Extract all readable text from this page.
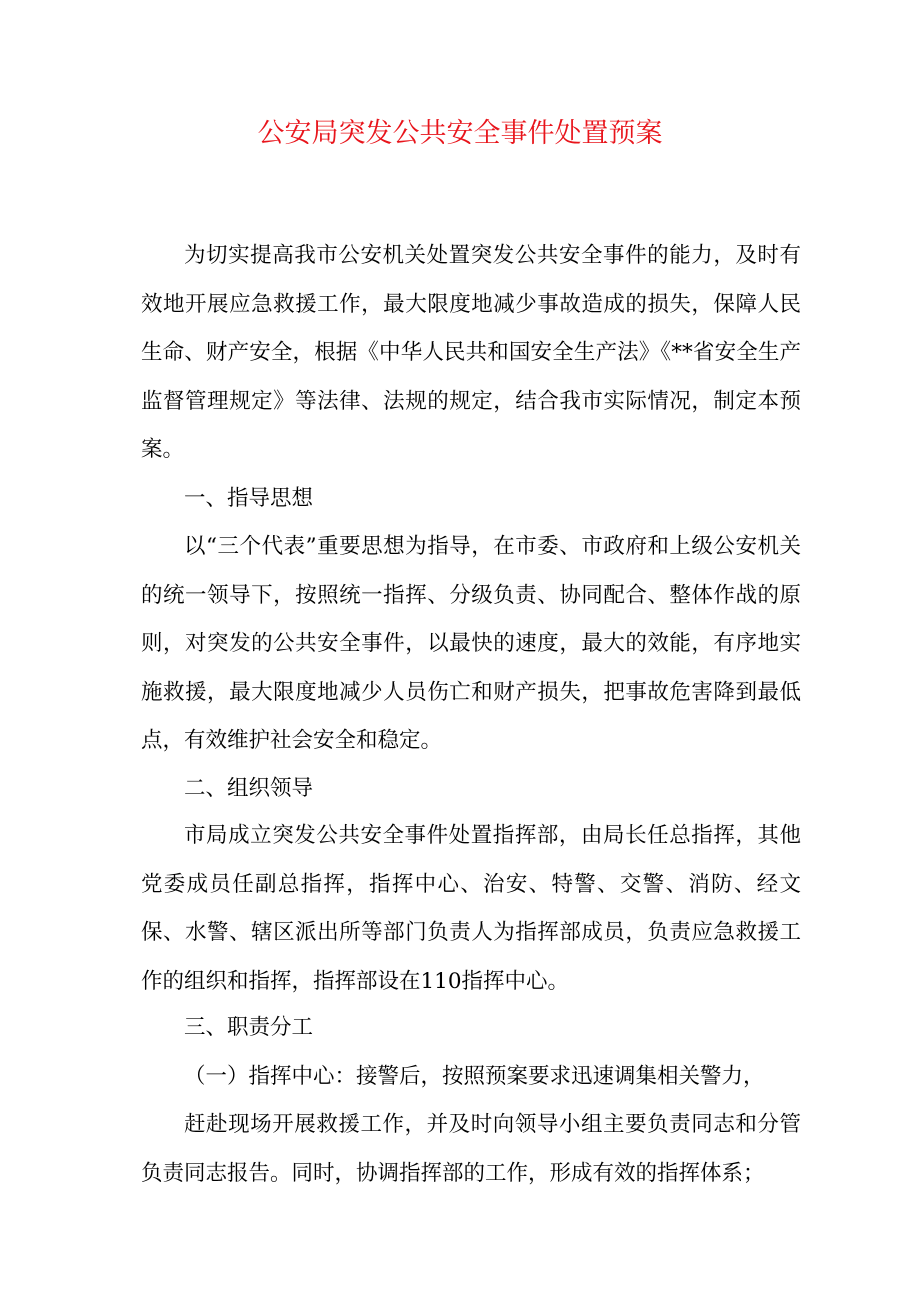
公安局突发公共安全事件处置预案

为切实提高我市公安机关处置突发公共安全事件的能力，及时有效地开展应急救援工作，最大限度地减少事故造成的损失，保障人民生命、财产安全，根据《中华人民共和国安全生产法》《**省安全生产监督管理规定》等法律、法规的规定，结合我市实际情况，制定本预案。

一、指导思想

以“三个代表”重要思想为指导，在市委、市政府和上级公安机关的统一领导下，按照统一指挥、分级负责、协同配合、整体作战的原则，对突发的公共安全事件，以最快的速度，最大的效能，有序地实施救援，最大限度地减少人员伤亡和财产损失，把事故危害降到最低点，有效维护社会安全和稳定。

二、组织领导

市局成立突发公共安全事件处置指挥部，由局长任总指挥，其他党委成员任副总指挥，指挥中心、治安、特警、交警、消防、经文保、水警、辖区派出所等部门负责人为指挥部成员，负责应急救援工作的组织和指挥，指挥部设在110指挥中心。

三、职责分工

（一）指挥中心：接警后，按照预案要求迅速调集相关警力，

赶赴现场开展救援工作，并及时向领导小组主要负责同志和分管负责同志报告。同时，协调指挥部的工作，形成有效的指挥体系；
